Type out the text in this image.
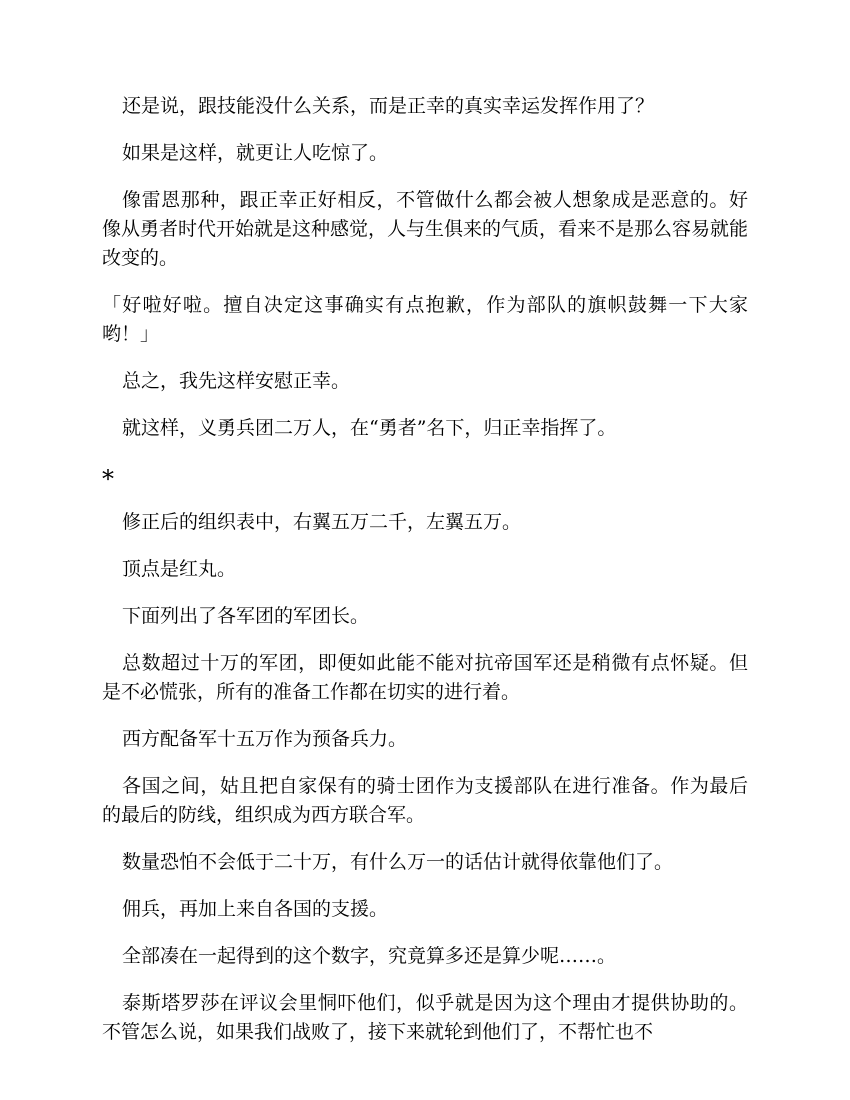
还是说，跟技能没什么关系，而是正幸的真实幸运发挥作用了？

如果是这样，就更让人吃惊了。

像雷恩那种，跟正幸正好相反，不管做什么都会被人想象成是恶意的。好像从勇者时代开始就是这种感觉，人与生俱来的气质，看来不是那么容易就能改变的。

「好啦好啦。擅自决定这事确实有点抱歉，作为部队的旗帜鼓舞一下大家哟！」

总之，我先这样安慰正幸。

就这样，义勇兵团二万人，在“勇者”名下，归正幸指挥了。

*

修正后的组织表中，右翼五万二千，左翼五万。

顶点是红丸。

下面列出了各军团的军团长。

总数超过十万的军团，即便如此能不能对抗帝国军还是稍微有点怀疑。但是不必慌张，所有的准备工作都在切实的进行着。

西方配备军十五万作为预备兵力。

各国之间，姑且把自家保有的骑士团作为支援部队在进行准备。作为最后的最后的防线，组织成为西方联合军。

数量恐怕不会低于二十万，有什么万一的话估计就得依靠他们了。

佣兵，再加上来自各国的支援。

全部凑在一起得到的这个数字，究竟算多还是算少呢……。

泰斯塔罗莎在评议会里恫吓他们，似乎就是因为这个理由才提供协助的。不管怎么说，如果我们战败了，接下来就轮到他们了，不帮忙也不
